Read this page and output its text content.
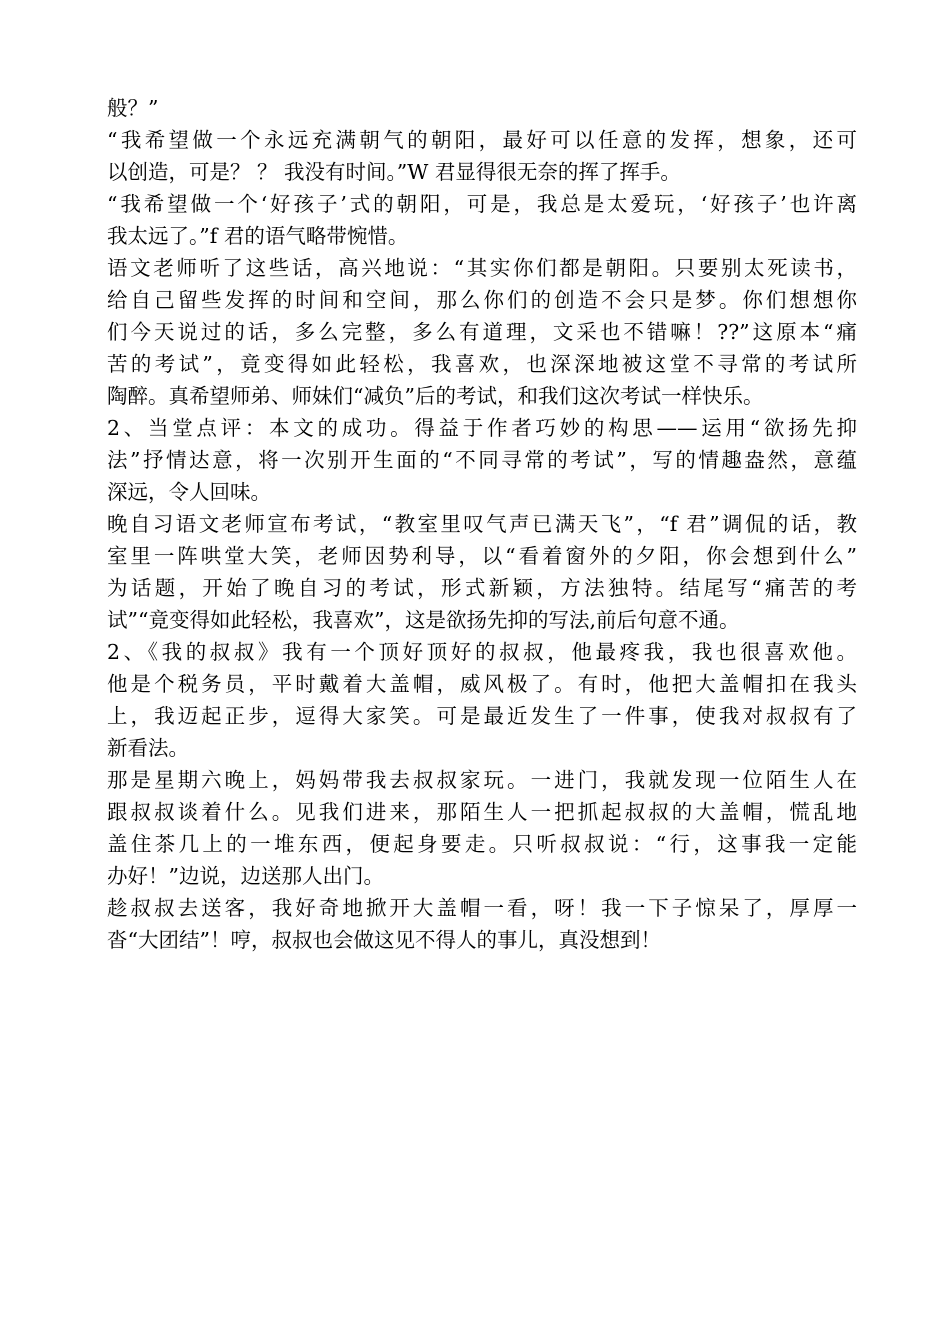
般？”
“我希望做一个永远充满朝气的朝阳，最好可以任意的发挥，想象，还可
以创造，可是？ ？ 我没有时间。”W 君显得很无奈的挥了挥手。
“我希望做一个‘好孩子’式的朝阳，可是，我总是太爱玩，‘好孩子’也许离
我太远了。”f 君的语气略带惋惜。
语文老师听了这些话，高兴地说：“其实你们都是朝阳。只要别太死读书，
给自己留些发挥的时间和空间，那么你们的创造不会只是梦。你们想想你
们今天说过的话，多么完整，多么有道理，文采也不错嘛！??”这原本“痛
苦的考试”，竟变得如此轻松，我喜欢，也深深地被这堂不寻常的考试所
陶醉。真希望师弟、师妹们“减负”后的考试，和我们这次考试一样快乐。
2、当堂点评：本文的成功。得益于作者巧妙的构思——运用“欲扬先抑
法”抒情达意，将一次别开生面的“不同寻常的考试”，写的情趣盎然，意蕴
深远，令人回味。
晚自习语文老师宣布考试，“教室里叹气声已满天飞”，“f 君”调侃的话，教
室里一阵哄堂大笑，老师因势利导，以“看着窗外的夕阳，你会想到什么”
为话题，开始了晚自习的考试，形式新颖，方法独特。结尾写“痛苦的考
试”“竟变得如此轻松，我喜欢”，这是欲扬先抑的写法,前后句意不通。
2、《我的叔叔》我有一个顶好顶好的叔叔，他最疼我，我也很喜欢他。
他是个税务员，平时戴着大盖帽，威风极了。有时，他把大盖帽扣在我头
上，我迈起正步，逗得大家笑。可是最近发生了一件事，使我对叔叔有了
新看法。
那是星期六晚上，妈妈带我去叔叔家玩。一进门，我就发现一位陌生人在
跟叔叔谈着什么。见我们进来，那陌生人一把抓起叔叔的大盖帽，慌乱地
盖住茶几上的一堆东西，便起身要走。只听叔叔说：“行，这事我一定能
办好！”边说，边送那人出门。
趁叔叔去送客，我好奇地掀开大盖帽一看，呀！我一下子惊呆了，厚厚一
沓“大团结”！哼，叔叔也会做这见不得人的事儿，真没想到！
